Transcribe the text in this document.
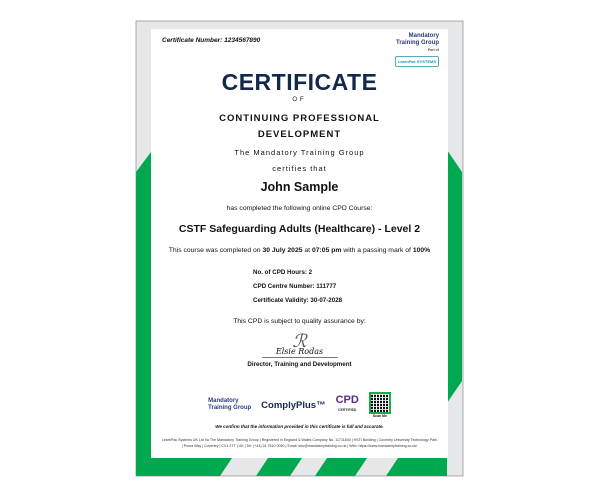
Certificate Number: 1234567890
Mandatory
Training Group
Part of LearnPac SYSTEMS
CERTIFICATE
OF
CONTINUING PROFESSIONAL
DEVELOPMENT
The Mandatory Training Group
certifies that
John Sample
has completed the following online CPD Course:
CSTF Safeguarding Adults (Healthcare) - Level 2
This course was completed on 30 July 2025 at 07:05 pm with a passing mark of 100%
No. of CPD Hours: 2
CPD Centre Number: 111777
Certificate Validity: 30-07-2028
This CPD is subject to quality assurance by:
ℛ
Elsie Rodas
Director, Training and Development
Mandatory
Training Group ComplyPlus™ CPD
CERTIFIED
Scan Me
We confirm that the information provided in this certificate is full and accurate.
LearnPac Systems UK Ltd t/a The Mandatory Training Group | Registered in England & Wales Company No. 11711840 | HSTI Building | Coventry University Technology Park | Puma Way | Coventry | CV1 2TT | UK | Tel: (+44) 24 7610 0090 | Email: info@mandatorytraining.co.uk | Web: https://www.mandatorytraining.co.uk/
